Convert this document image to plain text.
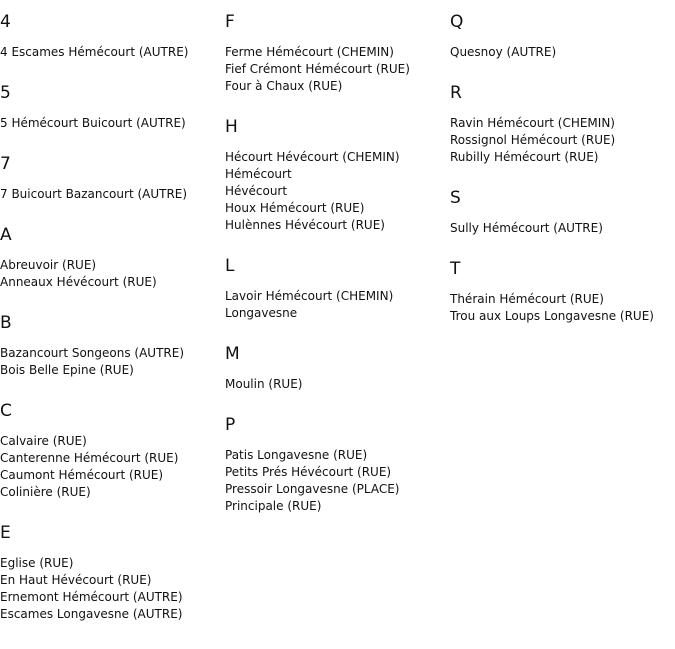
4
4 Escames Hémécourt (AUTRE)
5
5 Hémécourt Buicourt (AUTRE)
7
7 Buicourt Bazancourt (AUTRE)
A
Abreuvoir (RUE)
Anneaux Hévécourt (RUE)
B
Bazancourt Songeons (AUTRE)
Bois Belle Epine (RUE)
C
Calvaire (RUE)
Canterenne Hémécourt (RUE)
Caumont Hémécourt (RUE)
Colinière (RUE)
E
Eglise (RUE)
En Haut Hévécourt (RUE)
Ernemont Hémécourt (AUTRE)
Escames Longavesne (AUTRE)
F
Ferme Hémécourt (CHEMIN)
Fief Crémont Hémécourt (RUE)
Four à Chaux (RUE)
H
Hécourt Hévécourt (CHEMIN)
Hémécourt
Hévécourt
Houx Hémécourt (RUE)
Hulènnes Hévécourt (RUE)
L
Lavoir Hémécourt (CHEMIN)
Longavesne
M
Moulin (RUE)
P
Patis Longavesne (RUE)
Petits Prés Hévécourt (RUE)
Pressoir Longavesne (PLACE)
Principale (RUE)
Q
Quesnoy (AUTRE)
R
Ravin Hémécourt (CHEMIN)
Rossignol Hémécourt (RUE)
Rubilly Hémécourt (RUE)
S
Sully Hémécourt (AUTRE)
T
Thérain Hémécourt (RUE)
Trou aux Loups Longavesne (RUE)
